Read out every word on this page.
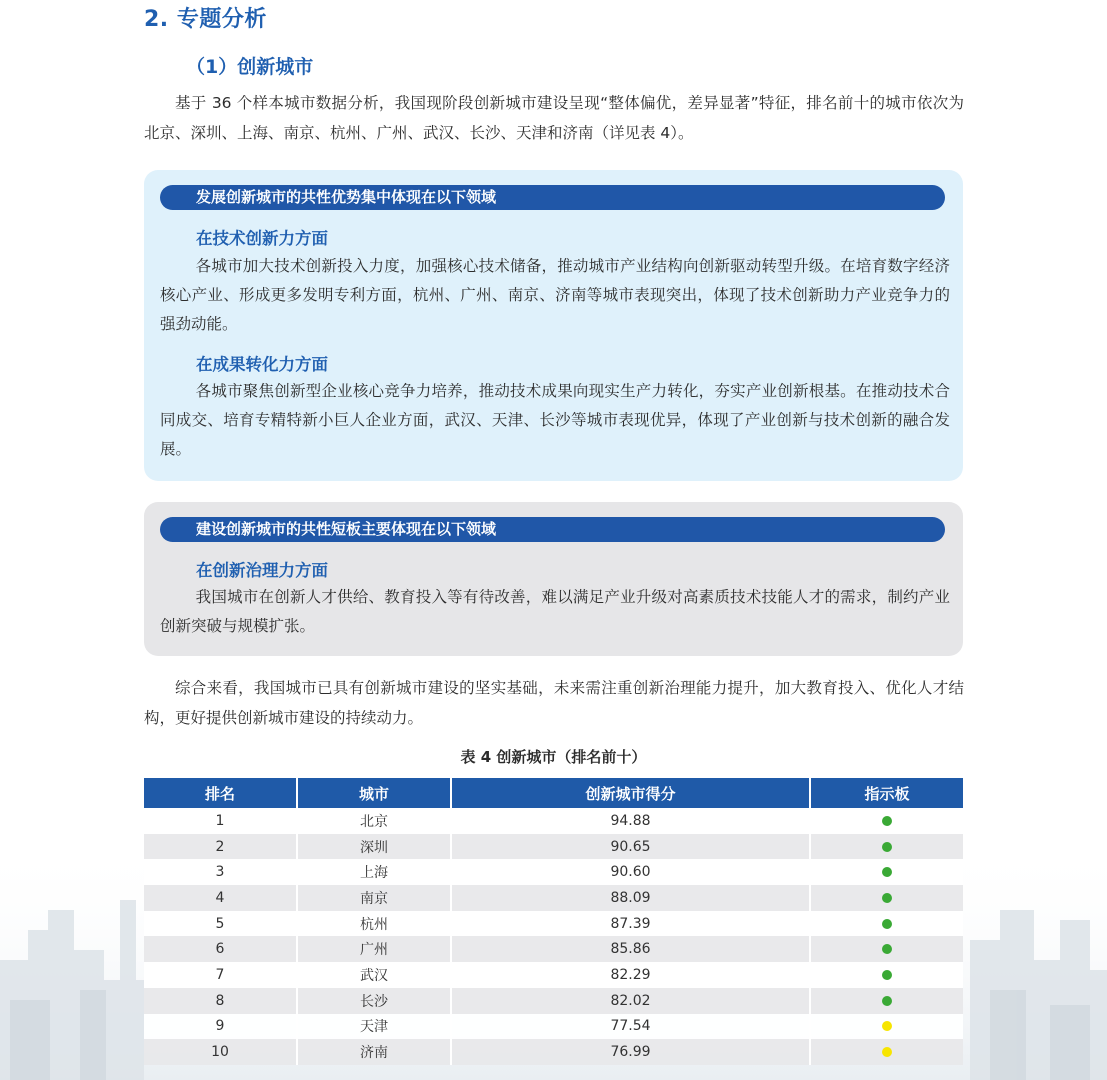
2. 专题分析
（1）创新城市

基于 36 个样本城市数据分析，我国现阶段创新城市建设呈现“整体偏优，差异显著”特征，排名前十的城市依次为北京、深圳、上海、南京、杭州、广州、武汉、长沙、天津和济南（详见表 4）。

发展创新城市的共性优势集中体现在以下领域
在技术创新力方面

各城市加大技术创新投入力度，加强核心技术储备，推动城市产业结构向创新驱动转型升级。在培育数字经济核心产业、形成更多发明专利方面，杭州、广州、南京、济南等城市表现突出，体现了技术创新助力产业竞争力的强劲动能。

在成果转化力方面

各城市聚焦创新型企业核心竞争力培养，推动技术成果向现实生产力转化，夯实产业创新根基。在推动技术合同成交、培育专精特新小巨人企业方面，武汉、天津、长沙等城市表现优异，体现了产业创新与技术创新的融合发展。

建设创新城市的共性短板主要体现在以下领域
在创新治理力方面

我国城市在创新人才供给、教育投入等有待改善，难以满足产业升级对高素质技术技能人才的需求，制约产业创新突破与规模扩张。

综合来看，我国城市已具有创新城市建设的坚实基础，未来需注重创新治理能力提升，加大教育投入、优化人才结构，更好提供创新城市建设的持续动力。

表 4 创新城市（排名前十）
排名	城市	创新城市得分	指示板
1	北京	94.88	
2	深圳	90.65	
3	上海	90.60	
4	南京	88.09	
5	杭州	87.39	
6	广州	85.86	
7	武汉	82.29	
8	长沙	82.02	
9	天津	77.54	
10	济南	76.99	
